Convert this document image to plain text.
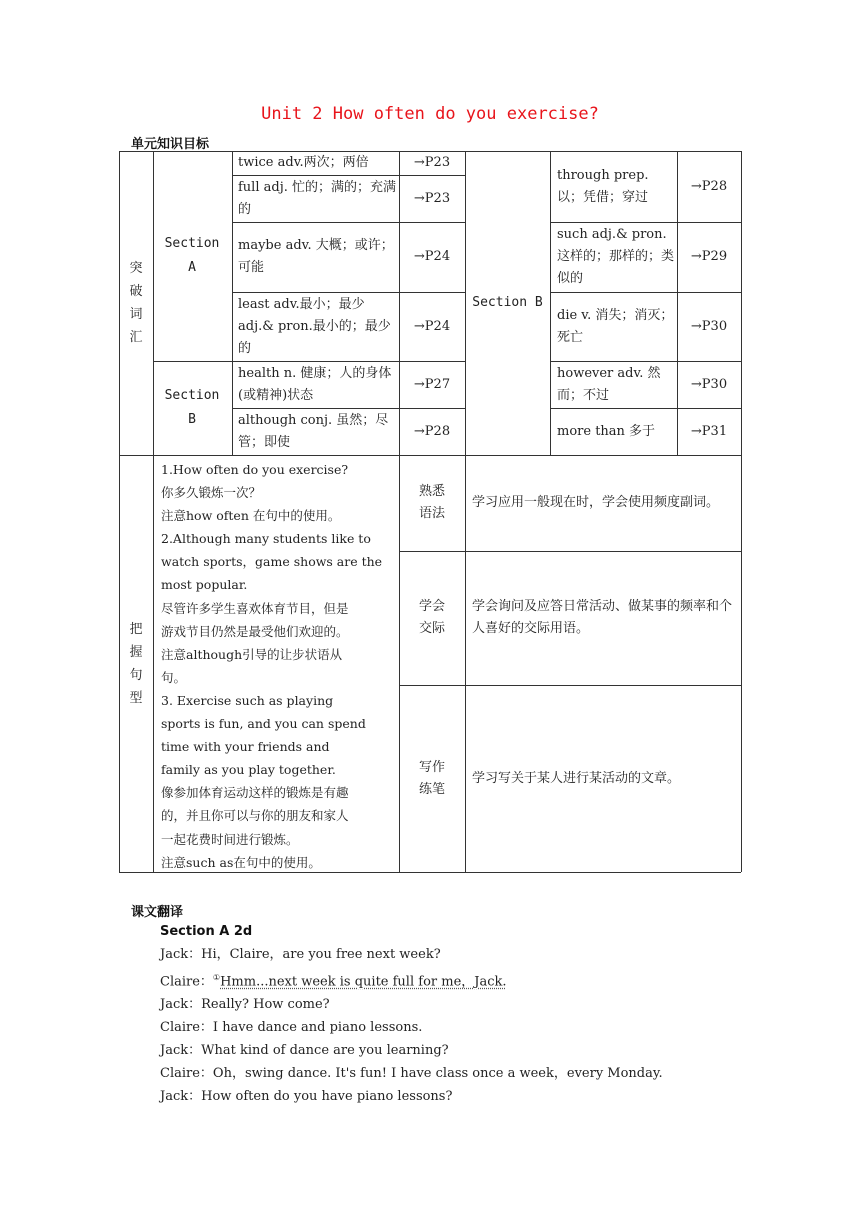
Unit 2 How often do you exercise?
单元知识目标
突破词汇
Section A
Section B
Section B
twice adv.两次；两倍	→P23
full adj. 忙的；满的；充满的
→P23
maybe adv. 大概；或许；可能
→P24
least adv.最小；最少 adj.& pron.最小的；最少的
→P24
health n. 健康；人的身体(或精神)状态
→P27
although conj. 虽然；尽管；即使
→P28
through prep. 以；凭借；穿过
→P28
such adj.& pron.这样的；那样的；类似的
→P29
die v. 消失；消灭；死亡
→P30
however adv. 然而；不过
→P30
more than 多于	→P31
把握句型
1.How often do you exercise?
你多久锻炼一次？
注意how often 在句中的使用。
2.Although many students like to
watch sports，game shows are the
most popular.
尽管许多学生喜欢体育节目，但是
游戏节目仍然是最受他们欢迎的。
注意although引导的让步状语从
句。
3. Exercise such as playing
sports is fun, and you can spend
time with your friends and
family as you play together.
像参加体育运动这样的锻炼是有趣
的，并且你可以与你的朋友和家人
一起花费时间进行锻炼。
注意such as在句中的使用。
熟悉语法
学习应用一般现在时，学会使用频度副词。
学会交际
学会询问及应答日常活动、做某事的频率和个人喜好的交际用语。
写作练笔
学习写关于某人进行某活动的文章。
课文翻译
Section A 2d
Jack：Hi，Claire，are you free next week?
Claire：①Hmm...next week is quite full for me，Jack.
Jack：Really? How come?
Claire：I have dance and piano lessons.
Jack：What kind of dance are you learning?
Claire：Oh，swing dance. It's fun! I have class once a week，every Monday.
Jack：How often do you have piano lessons?
